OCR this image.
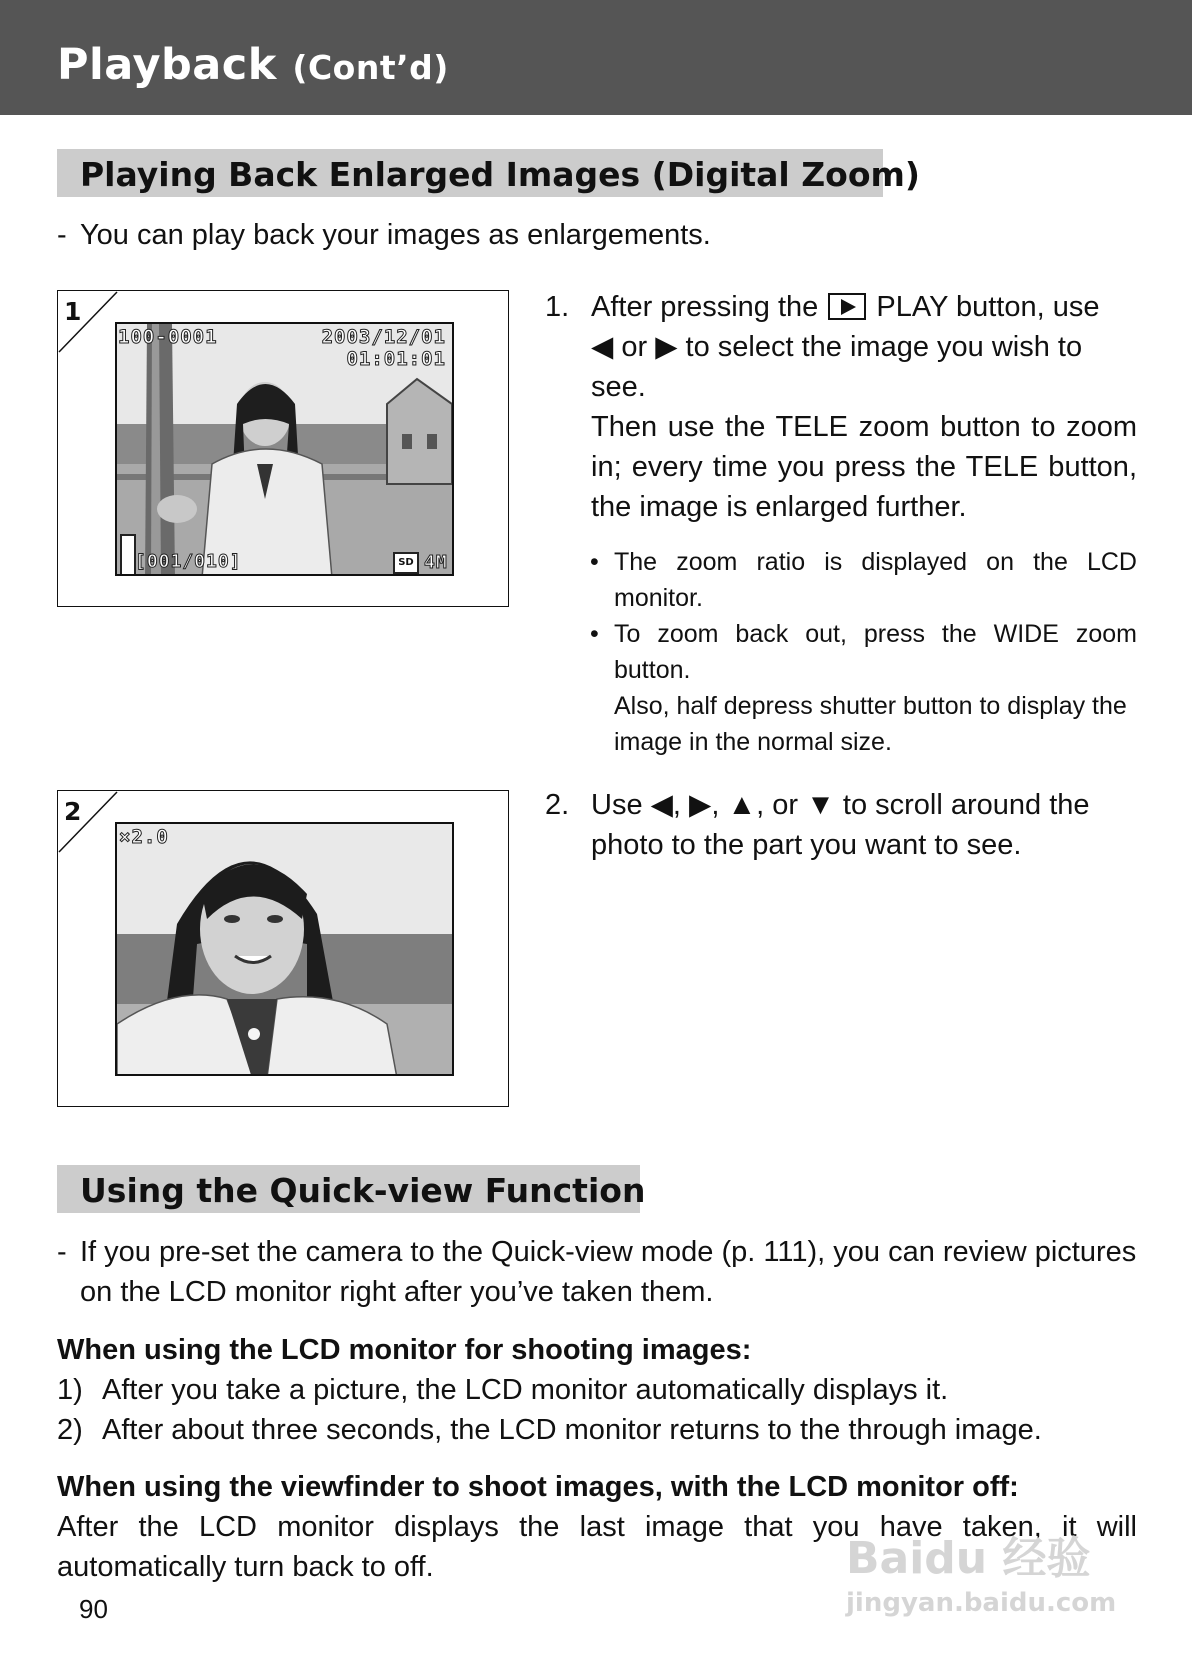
Playback (Cont’d)
Playing Back Enlarged Images (Digital Zoom)
- You can play back your images as enlargements.
1
100-0001	2003/12/01
01:01:01
[001/010]	SD 4M
1. After pressing the PLAY button, use
◀ or ▶ to select the image you wish to see.
Then use the TELE zoom button to zoom in; every time you press the TELE button, the image is enlarged further.
• The zoom ratio is displayed on the LCD monitor.
• To zoom back out, press the WIDE zoom button.
Also, half depress shutter button to display the image in the normal size.
2
×2.0
2. Use ◀, ▶, ▲, or ▼ to scroll around the photo to the part you want to see.
Using the Quick-view Function
- If you pre-set the camera to the Quick-view mode (p. 111), you can review pictures on the LCD monitor right after you’ve taken them.
When using the LCD monitor for shooting images:
1) After you take a picture, the LCD monitor automatically displays it.
2) After about three seconds, the LCD monitor returns to the through image.
When using the viewfinder to shoot images, with the LCD monitor off:
After the LCD monitor displays the last image that you have taken, it will automatically turn back to off.
90
Baidu 经验
jingyan.baidu.com
